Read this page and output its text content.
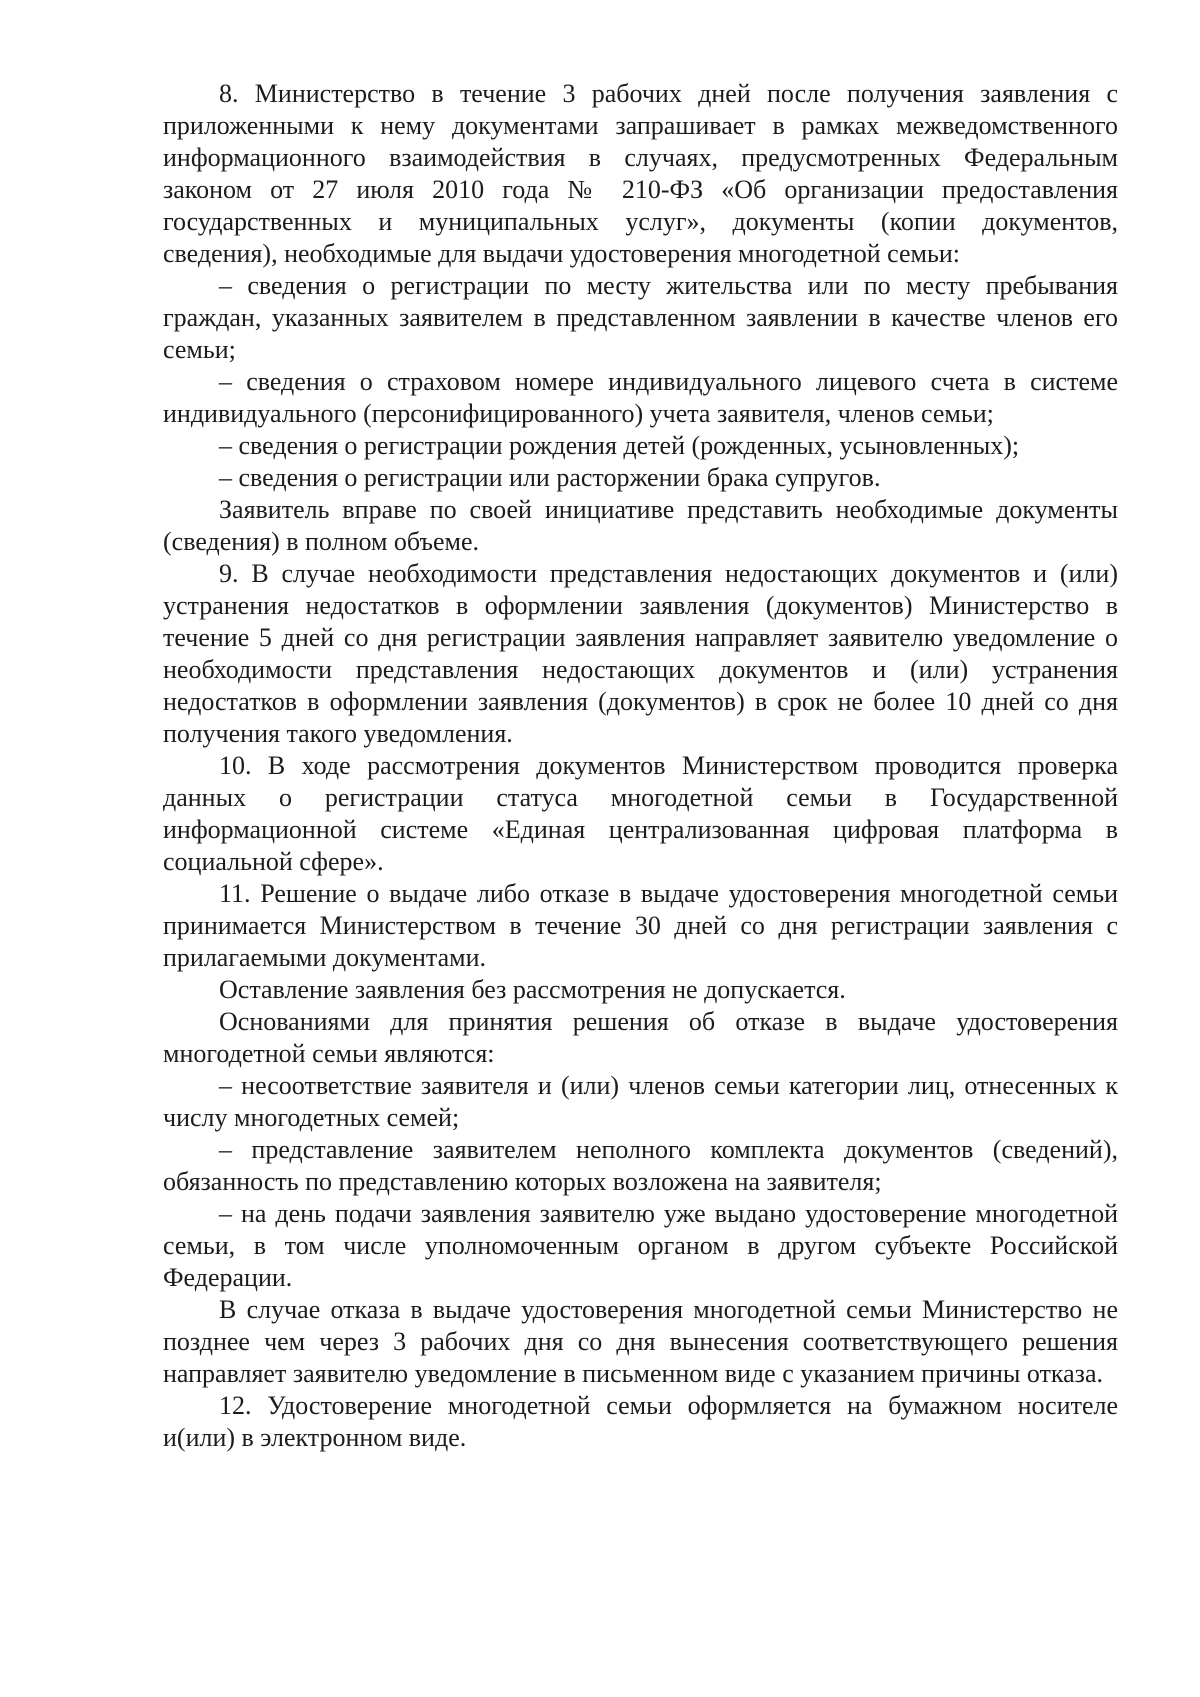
8. Министерство в течение 3 рабочих дней после получения заявления с приложенными к нему документами запрашивает в рамках межведомственного информационного взаимодействия в случаях, предусмотренных Федеральным законом от 27 июля 2010 года № 210-ФЗ «Об организации предоставления государственных и муниципальных услуг», документы (копии документов, сведения), необходимые для выдачи удостоверения многодетной семьи:

– сведения о регистрации по месту жительства или по месту пребывания граждан, указанных заявителем в представленном заявлении в качестве членов его семьи;

– сведения о страховом номере индивидуального лицевого счета в системе индивидуального (персонифицированного) учета заявителя, членов семьи;

– сведения о регистрации рождения детей (рожденных, усыновленных);

– сведения о регистрации или расторжении брака супругов.

Заявитель вправе по своей инициативе представить необходимые документы (сведения) в полном объеме.

9. В случае необходимости представления недостающих документов и (или) устранения недостатков в оформлении заявления (документов) Министерство в течение 5 дней со дня регистрации заявления направляет заявителю уведомление о необходимости представления недостающих документов и (или) устранения недостатков в оформлении заявления (документов) в срок не более 10 дней со дня получения такого уведомления.

10. В ходе рассмотрения документов Министерством проводится проверка данных о регистрации статуса многодетной семьи в Государственной информационной системе «Единая централизованная цифровая платформа в социальной сфере».

11. Решение о выдаче либо отказе в выдаче удостоверения многодетной семьи принимается Министерством в течение 30 дней со дня регистрации заявления с прилагаемыми документами.

Оставление заявления без рассмотрения не допускается.

Основаниями для принятия решения об отказе в выдаче удостоверения многодетной семьи являются:

– несоответствие заявителя и (или) членов семьи категории лиц, отнесенных к числу многодетных семей;

– представление заявителем неполного комплекта документов (сведений), обязанность по представлению которых возложена на заявителя;

– на день подачи заявления заявителю уже выдано удостоверение многодетной семьи, в том числе уполномоченным органом в другом субъекте Российской Федерации.

В случае отказа в выдаче удостоверения многодетной семьи Министерство не позднее чем через 3 рабочих дня со дня вынесения соответствующего решения направляет заявителю уведомление в письменном виде с указанием причины отказа.

12. Удостоверение многодетной семьи оформляется на бумажном носителе и(или) в электронном виде.
